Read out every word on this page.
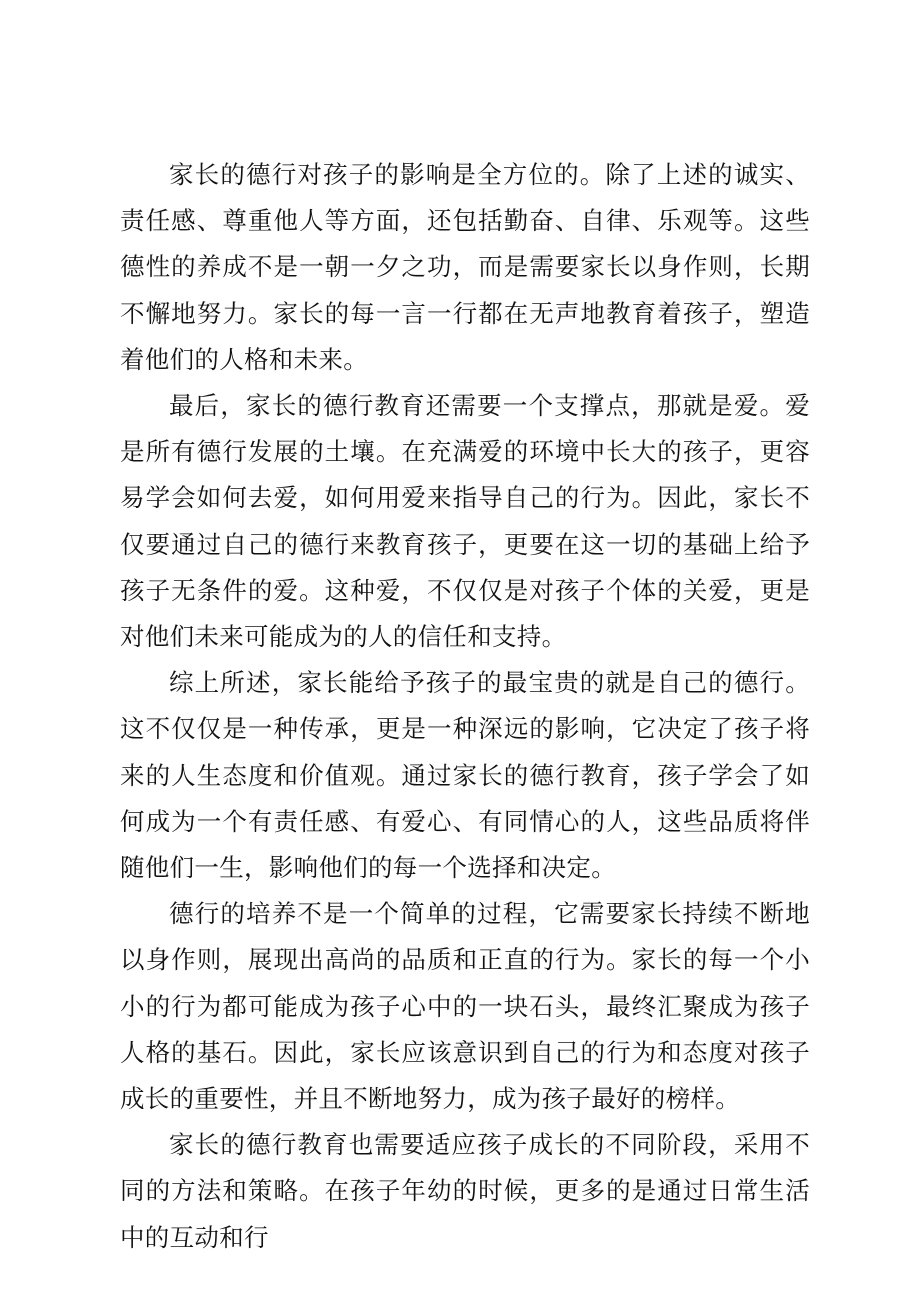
家长的德行对孩子的影响是全方位的。除了上述的诚实、责任感、尊重他人等方面，还包括勤奋、自律、乐观等。这些德性的养成不是一朝一夕之功，而是需要家长以身作则，长期不懈地努力。家长的每一言一行都在无声地教育着孩子，塑造着他们的人格和未来。

最后，家长的德行教育还需要一个支撑点，那就是爱。爱是所有德行发展的土壤。在充满爱的环境中长大的孩子，更容易学会如何去爱，如何用爱来指导自己的行为。因此，家长不仅要通过自己的德行来教育孩子，更要在这一切的基础上给予孩子无条件的爱。这种爱，不仅仅是对孩子个体的关爱，更是对他们未来可能成为的人的信任和支持。

综上所述，家长能给予孩子的最宝贵的就是自己的德行。这不仅仅是一种传承，更是一种深远的影响，它决定了孩子将来的人生态度和价值观。通过家长的德行教育，孩子学会了如何成为一个有责任感、有爱心、有同情心的人，这些品质将伴随他们一生，影响他们的每一个选择和决定。

德行的培养不是一个简单的过程，它需要家长持续不断地以身作则，展现出高尚的品质和正直的行为。家长的每一个小小的行为都可能成为孩子心中的一块石头，最终汇聚成为孩子人格的基石。因此，家长应该意识到自己的行为和态度对孩子成长的重要性，并且不断地努力，成为孩子最好的榜样。

家长的德行教育也需要适应孩子成长的不同阶段，采用不同的方法和策略。在孩子年幼的时候，更多的是通过日常生活中的互动和行
